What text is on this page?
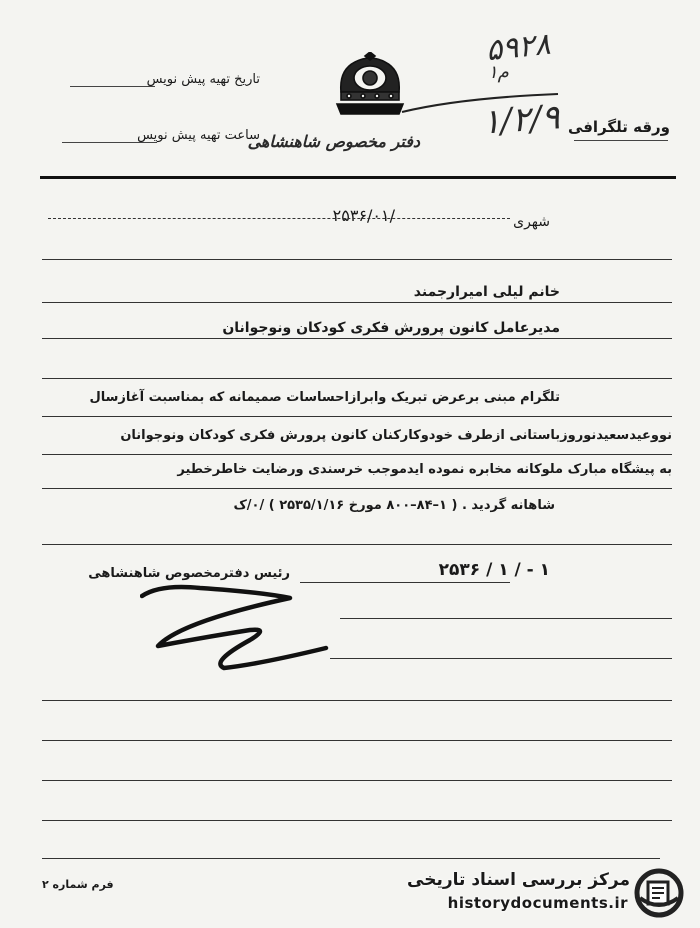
تاریخ تهیه پیش نویس
ساعت تهیه پیش نویس
دفتر مخصوص شاهنشاهی
۵۹۲۸
۱م
۱/۲/۹ ورقه تلگرافی
شهری
۲۵۳۶/۰۱/
خانم لیلی امیرارجمند
مدیرعامل کانون پرورش فکری کودکان ونوجوانان
تلگرام مبنی برعرض تبریک وابرازاحساسات صمیمانه که بمناسبت آغازسال
نووعیدسعیدنوروزباستانی ازطرف خودوکارکنان کانون پرورش فکری کودکان ونوجوانان
به پیشگاه مبارک ملوکانه مخابره نموده ایدموجب خرسندی ورضایت خاطرخطیر
شاهانه گردید . ( ۱–۸۴–۸۰۰ مورخ ۲۵۳۵/۱/۱۶ ) /۰/ک
۲۵۳۶ / ۱ / - ۱
رئیس دفترمخصوص شاهنشاهی
فرم شماره ۲	مرکز بررسی اسناد تاریخی
historydocuments.ir
